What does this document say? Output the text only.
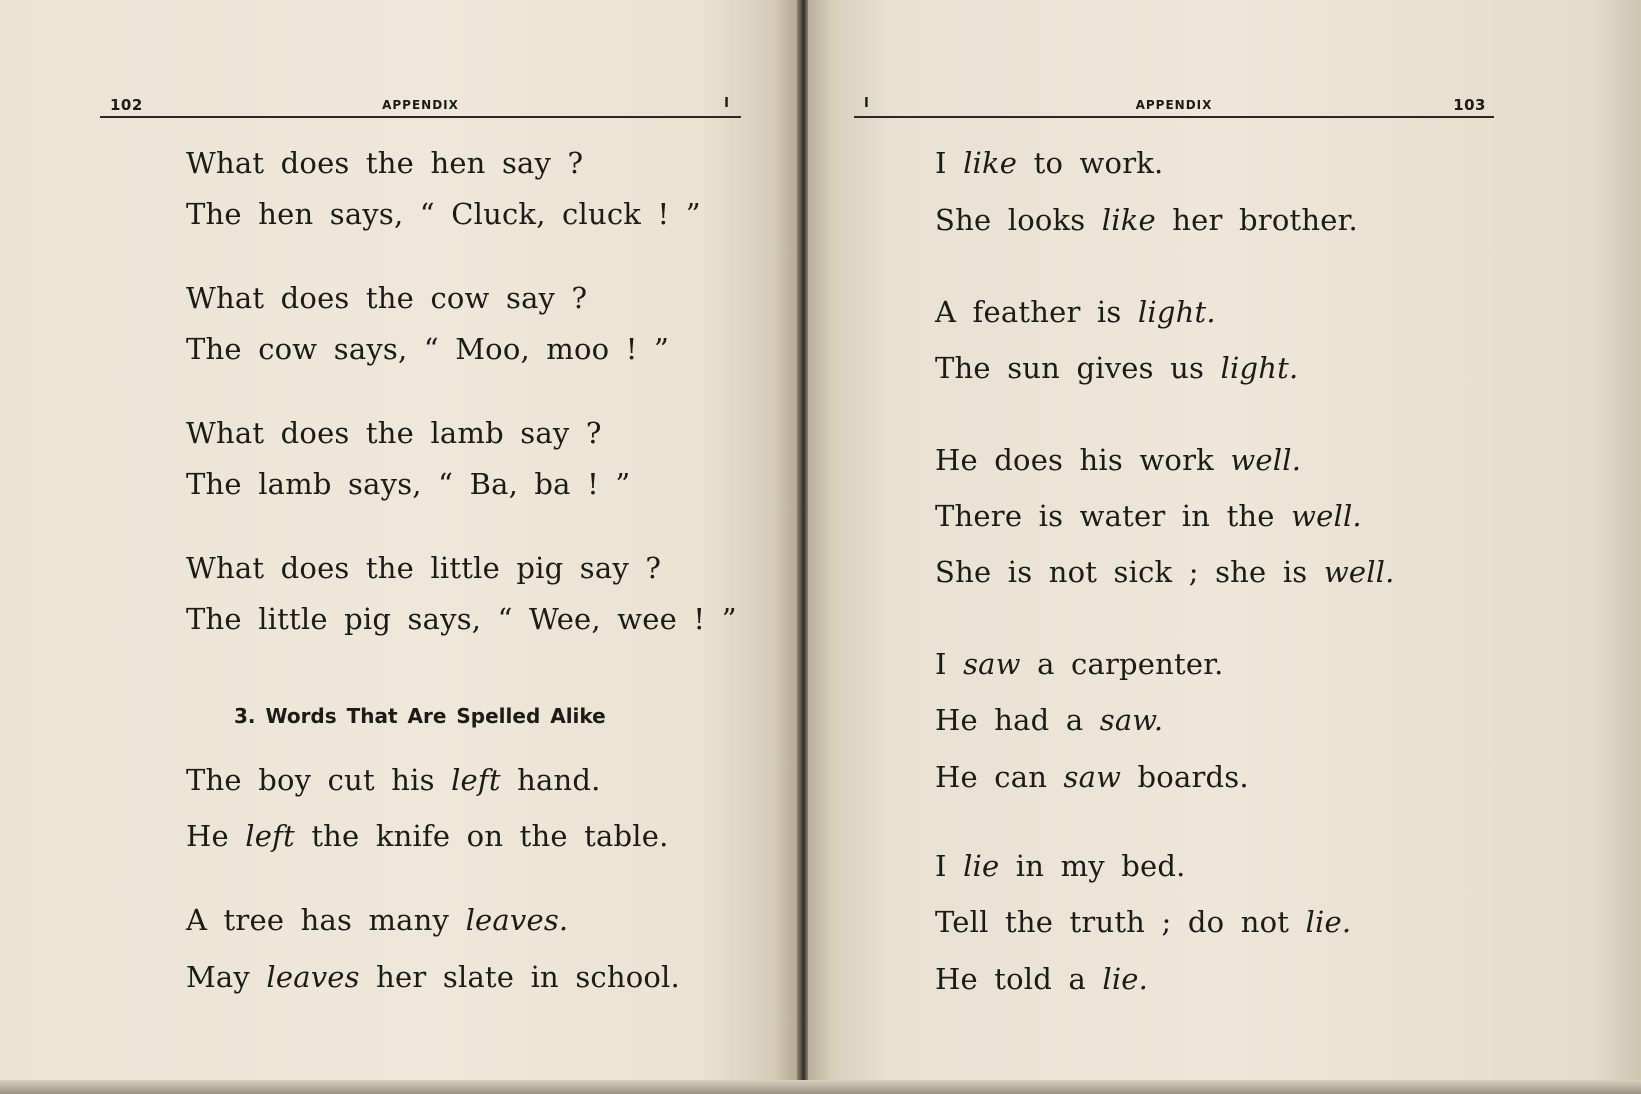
102	APPENDIX	I
What does the hen say ?
The hen says, “ Cluck, cluck ! ”
What does the cow say ?
The cow says, “ Moo, moo ! ”
What does the lamb say ?
The lamb says, “ Ba, ba ! ”
What does the little pig say ?
The little pig says, “ Wee, wee ! ”
3. Words That Are Spelled Alike
The boy cut his left hand.
He left the knife on the table.
A tree has many leaves.
May leaves her slate in school.
I	APPENDIX	103
I like to work.
She looks like her brother.
A feather is light.
The sun gives us light.
He does his work well.
There is water in the well.
She is not sick ; she is well.
I saw a carpenter.
He had a saw.
He can saw boards.
I lie in my bed.
Tell the truth ; do not lie.
He told a lie.
